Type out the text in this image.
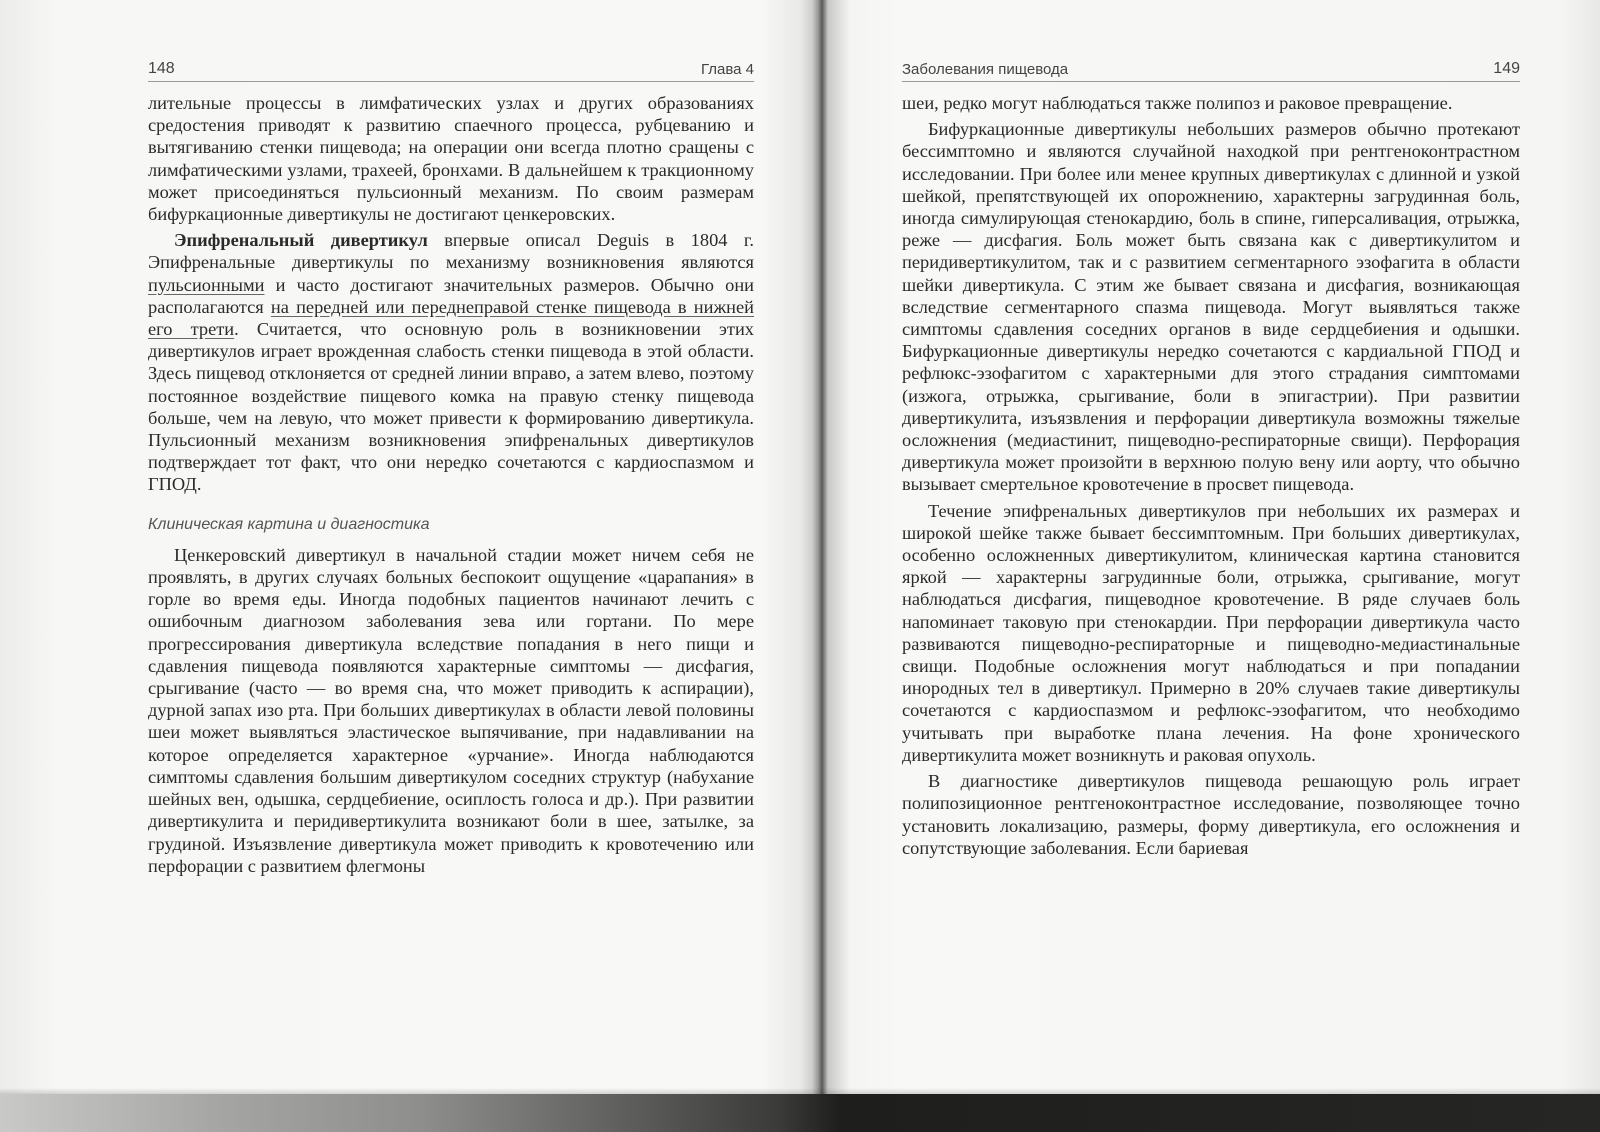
148	Глава 4

лительные процессы в лимфатических узлах и других образованиях средостения приводят к развитию спаечного процесса, рубцеванию и вытягиванию стенки пищевода; на операции они всегда плотно сращены с лимфатическими узлами, трахеей, бронхами. В дальнейшем к тракционному может присоединяться пульсионный механизм. По своим размерам бифуркационные дивертикулы не достигают ценкеровских.

Эпифренальный дивертикул впервые описал Deguis в 1804 г. Эпифренальные дивертикулы по механизму возникновения являются пульсионными и часто достигают значительных размеров. Обычно они располагаются на передней или переднеправой стенке пищевода в нижней его трети. Считается, что основную роль в возникновении этих дивертикулов играет врожденная слабость стенки пищевода в этой области. Здесь пищевод отклоняется от средней линии вправо, а затем влево, поэтому постоянное воздействие пищевого комка на правую стенку пищевода больше, чем на левую, что может привести к формированию дивертикула. Пульсионный механизм возникновения эпифренальных дивертикулов подтверждает тот факт, что они нередко сочетаются с кардиоспазмом и ГПОД.

Клиническая картина и диагностика

Ценкеровский дивертикул в начальной стадии может ничем себя не проявлять, в других случаях больных беспокоит ощущение «царапания» в горле во время еды. Иногда подобных пациентов начинают лечить с ошибочным диагнозом заболевания зева или гортани. По мере прогрессирования дивертикула вследствие попадания в него пищи и сдавления пищевода появляются характерные симптомы — дисфагия, срыгивание (часто — во время сна, что может приводить к аспирации), дурной запах изо рта. При больших дивертикулах в области левой половины шеи может выявляться эластическое выпячивание, при надавливании на которое определяется характерное «урчание». Иногда наблюдаются симптомы сдавления большим дивертикулом соседних структур (набухание шейных вен, одышка, сердцебиение, осиплость голоса и др.). При развитии дивертикулита и перидивертикулита возникают боли в шее, затылке, за грудиной. Изъязвление дивертикула может приводить к кровотечению или перфорации с развитием флегмоны

Заболевания пищевода	149

шеи, редко могут наблюдаться также полипоз и раковое превращение.

Бифуркационные дивертикулы небольших размеров обычно протекают бессимптомно и являются случайной находкой при рентгеноконтрастном исследовании. При более или менее крупных дивертикулах с длинной и узкой шейкой, препятствующей их опорожнению, характерны загрудинная боль, иногда симулирующая стенокардию, боль в спине, гиперсаливация, отрыжка, реже — дисфагия. Боль может быть связана как с дивертикулитом и перидивертикулитом, так и с развитием сегментарного эзофагита в области шейки дивертикула. С этим же бывает связана и дисфагия, возникающая вследствие сегментарного спазма пищевода. Могут выявляться также симптомы сдавления соседних органов в виде сердцебиения и одышки. Бифуркационные дивертикулы нередко сочетаются с кардиальной ГПОД и рефлюкс-эзофагитом с характерными для этого страдания симптомами (изжога, отрыжка, срыгивание, боли в эпигастрии). При развитии дивертикулита, изъязвления и перфорации дивертикула возможны тяжелые осложнения (медиастинит, пищеводно-респираторные свищи). Перфорация дивертикула может произойти в верхнюю полую вену или аорту, что обычно вызывает смертельное кровотечение в просвет пищевода.

Течение эпифренальных дивертикулов при небольших их размерах и широкой шейке также бывает бессимптомным. При больших дивертикулах, особенно осложненных дивертикулитом, клиническая картина становится яркой — характерны загрудинные боли, отрыжка, срыгивание, могут наблюдаться дисфагия, пищеводное кровотечение. В ряде случаев боль напоминает таковую при стенокардии. При перфорации дивертикула часто развиваются пищеводно-респираторные и пищеводно-медиастинальные свищи. Подобные осложнения могут наблюдаться и при попадании инородных тел в дивертикул. Примерно в 20% случаев такие дивертикулы сочетаются с кардиоспазмом и рефлюкс-эзофагитом, что необходимо учитывать при выработке плана лечения. На фоне хронического дивертикулита может возникнуть и раковая опухоль.

В диагностике дивертикулов пищевода решающую роль играет полипозиционное рентгеноконтрастное исследование, позволяющее точно установить локализацию, размеры, форму дивертикула, его осложнения и сопутствующие заболевания. Если бариевая
